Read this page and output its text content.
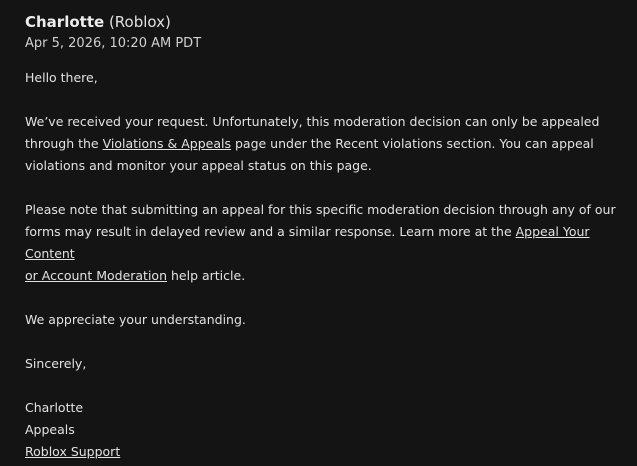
Charlotte (Roblox)
Apr 5, 2026, 10:20 AM PDT

Hello there,

We’ve received your request. Unfortunately, this moderation decision can only be appealed
through the Violations & Appeals page under the Recent violations section. You can appeal
violations and monitor your appeal status on this page.

Please note that submitting an appeal for this specific moderation decision through any of our
forms may result in delayed review and a similar response. Learn more at the Appeal Your Content
or Account Moderation help article.

We appreciate your understanding.

Sincerely,

Charlotte

Appeals

Roblox Support
